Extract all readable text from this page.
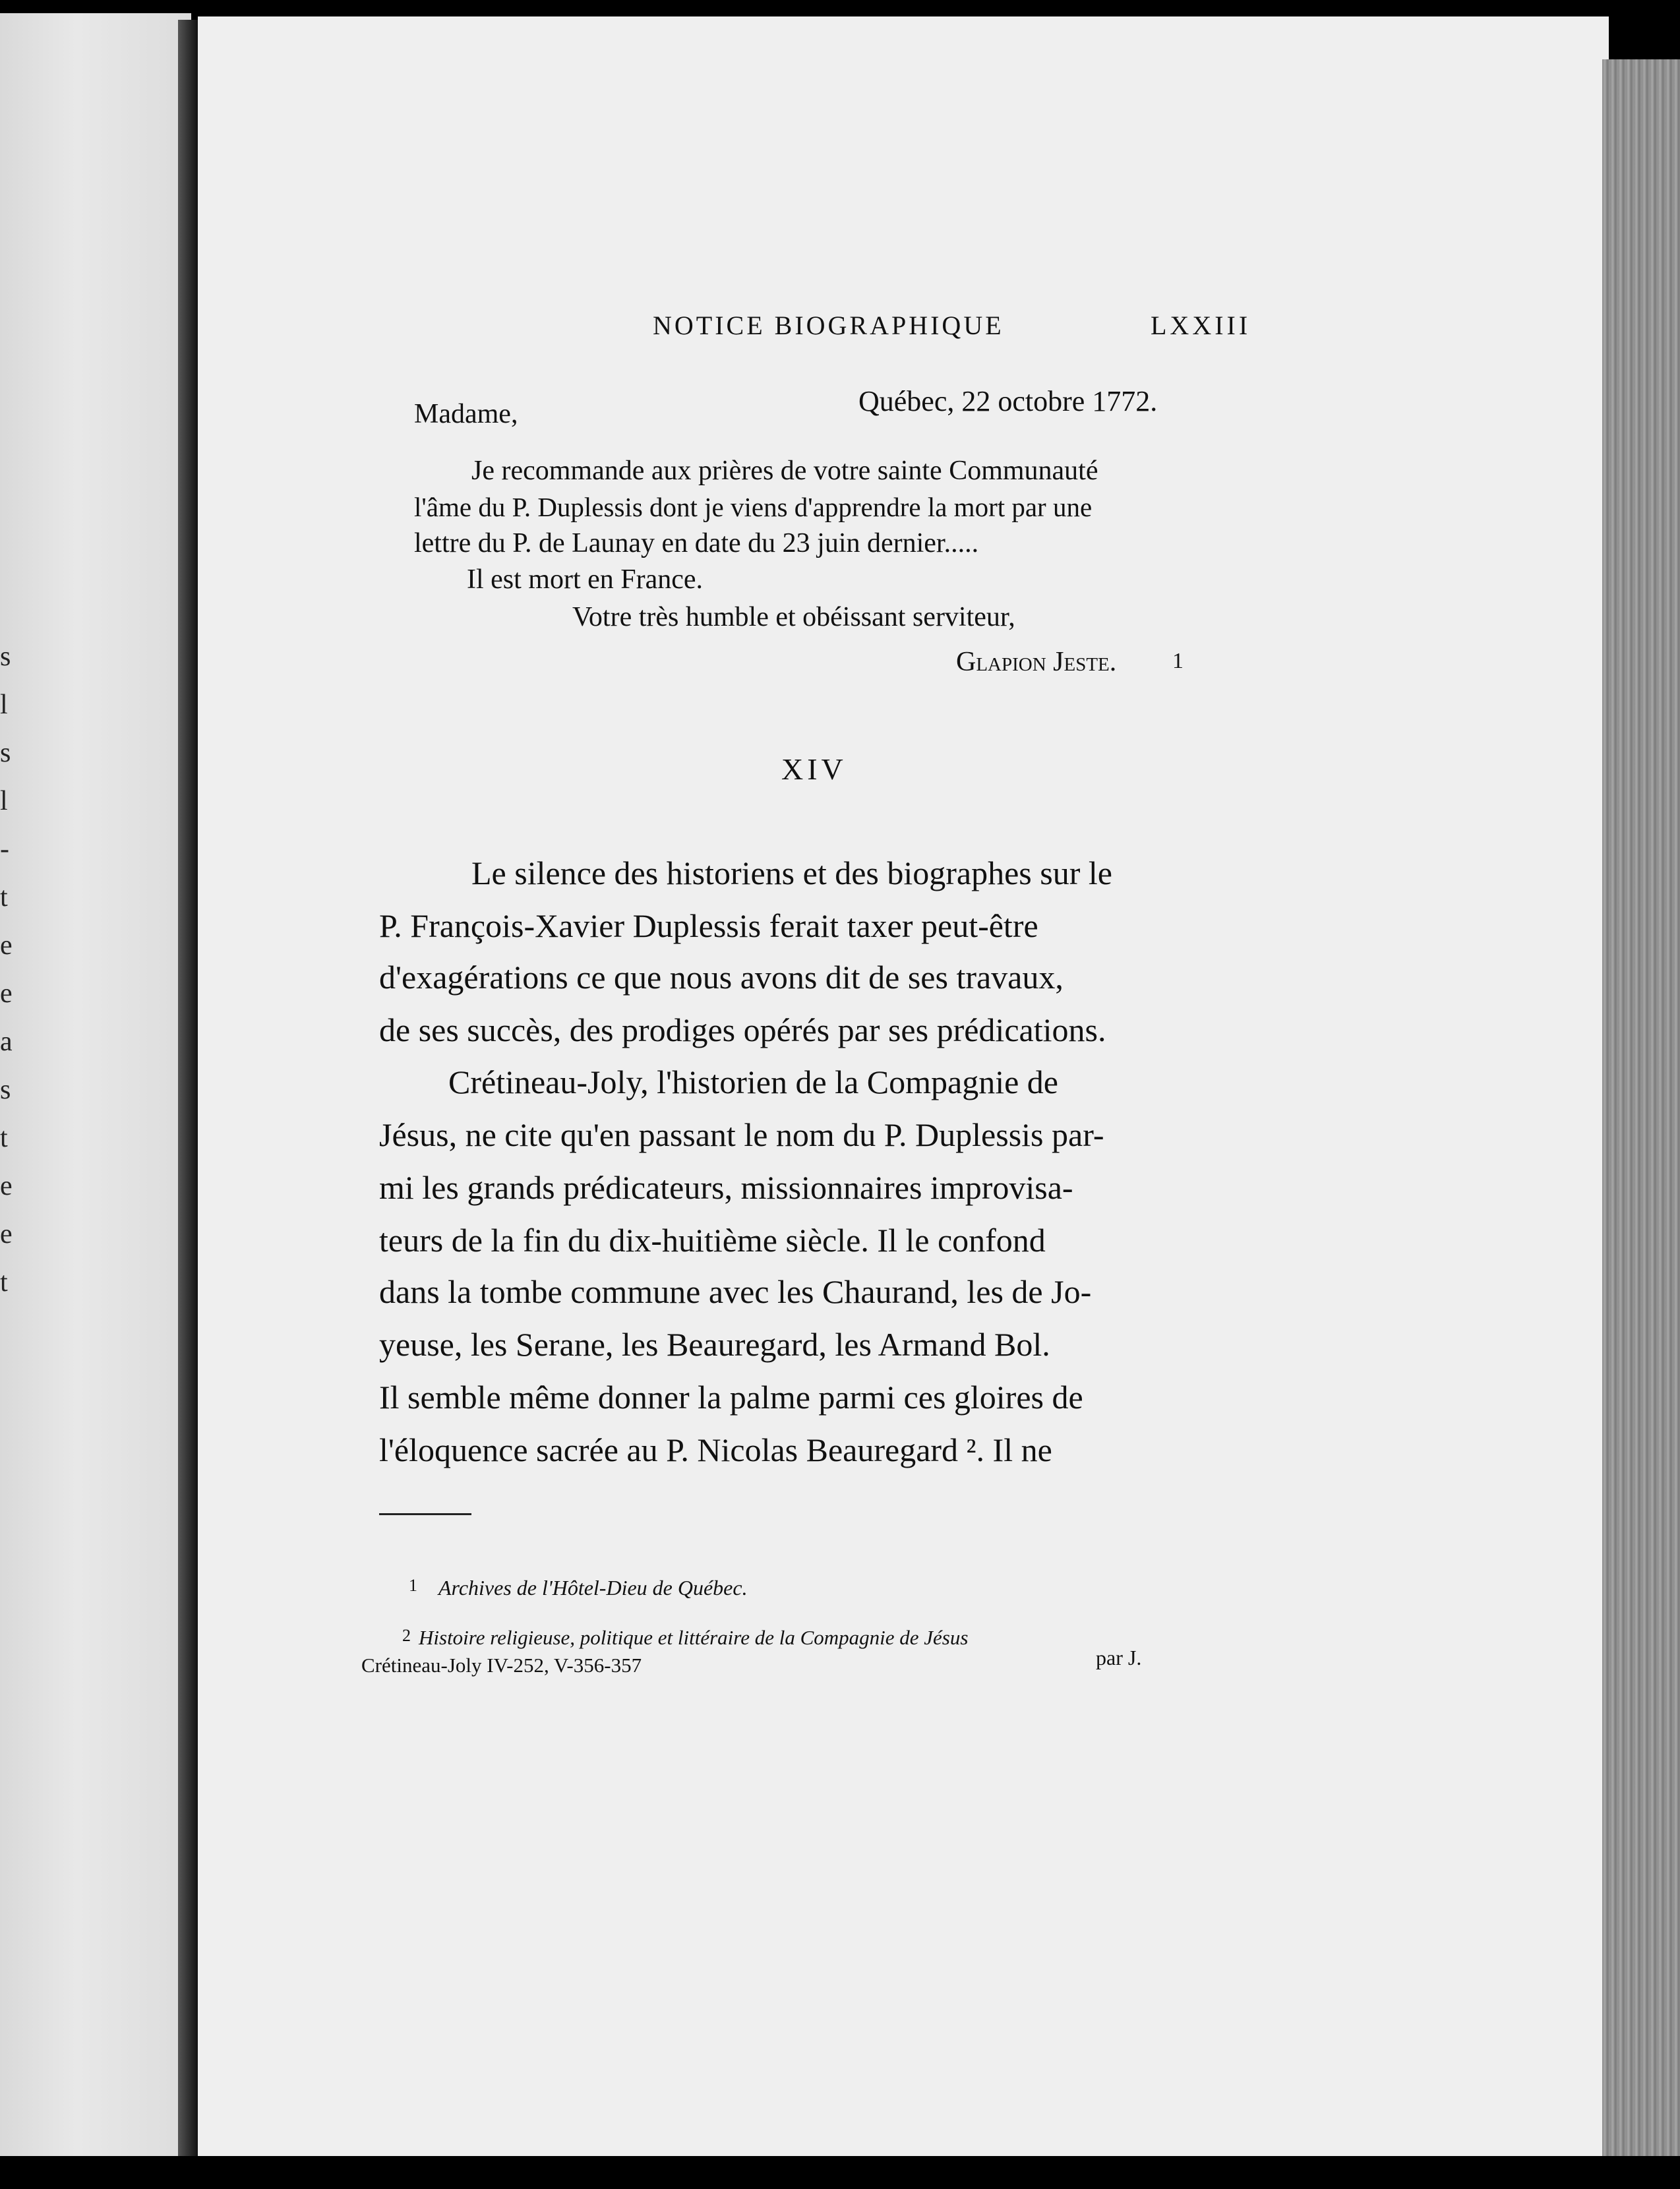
s
l
s
l
-
t
e
e
a
s
t
e
e
t
NOTICE BIOGRAPHIQUE	LXXIII
Québec, 22 octobre 1772.
Madame,
Je recommande aux prières de votre sainte Communauté
l'âme du P. Duplessis dont je viens d'apprendre la mort par une
lettre du P. de Launay en date du 23 juin dernier.....
Il est mort en France.
Votre très humble et obéissant serviteur,
Glapion Jeste. 1
XIV
Le silence des historiens et des biographes sur le
P. François-Xavier Duplessis ferait taxer peut-être
d'exagérations ce que nous avons dit de ses travaux,
de ses succès, des prodiges opérés par ses prédications.
Crétineau-Joly, l'historien de la Compagnie de
Jésus, ne cite qu'en passant le nom du P. Duplessis par-
mi les grands prédicateurs, missionnaires improvisa-
teurs de la fin du dix-huitième siècle. Il le confond
dans la tombe commune avec les Chaurand, les de Jo-
yeuse, les Serane, les Beauregard, les Armand Bol.
Il semble même donner la palme parmi ces gloires de
l'éloquence sacrée au P. Nicolas Beauregard ². Il ne
1 Archives de l'Hôtel-Dieu de Québec.
2 Histoire religieuse, politique et littéraire de la Compagnie de Jésus
par J.
Crétineau-Joly IV-252, V-356-357
